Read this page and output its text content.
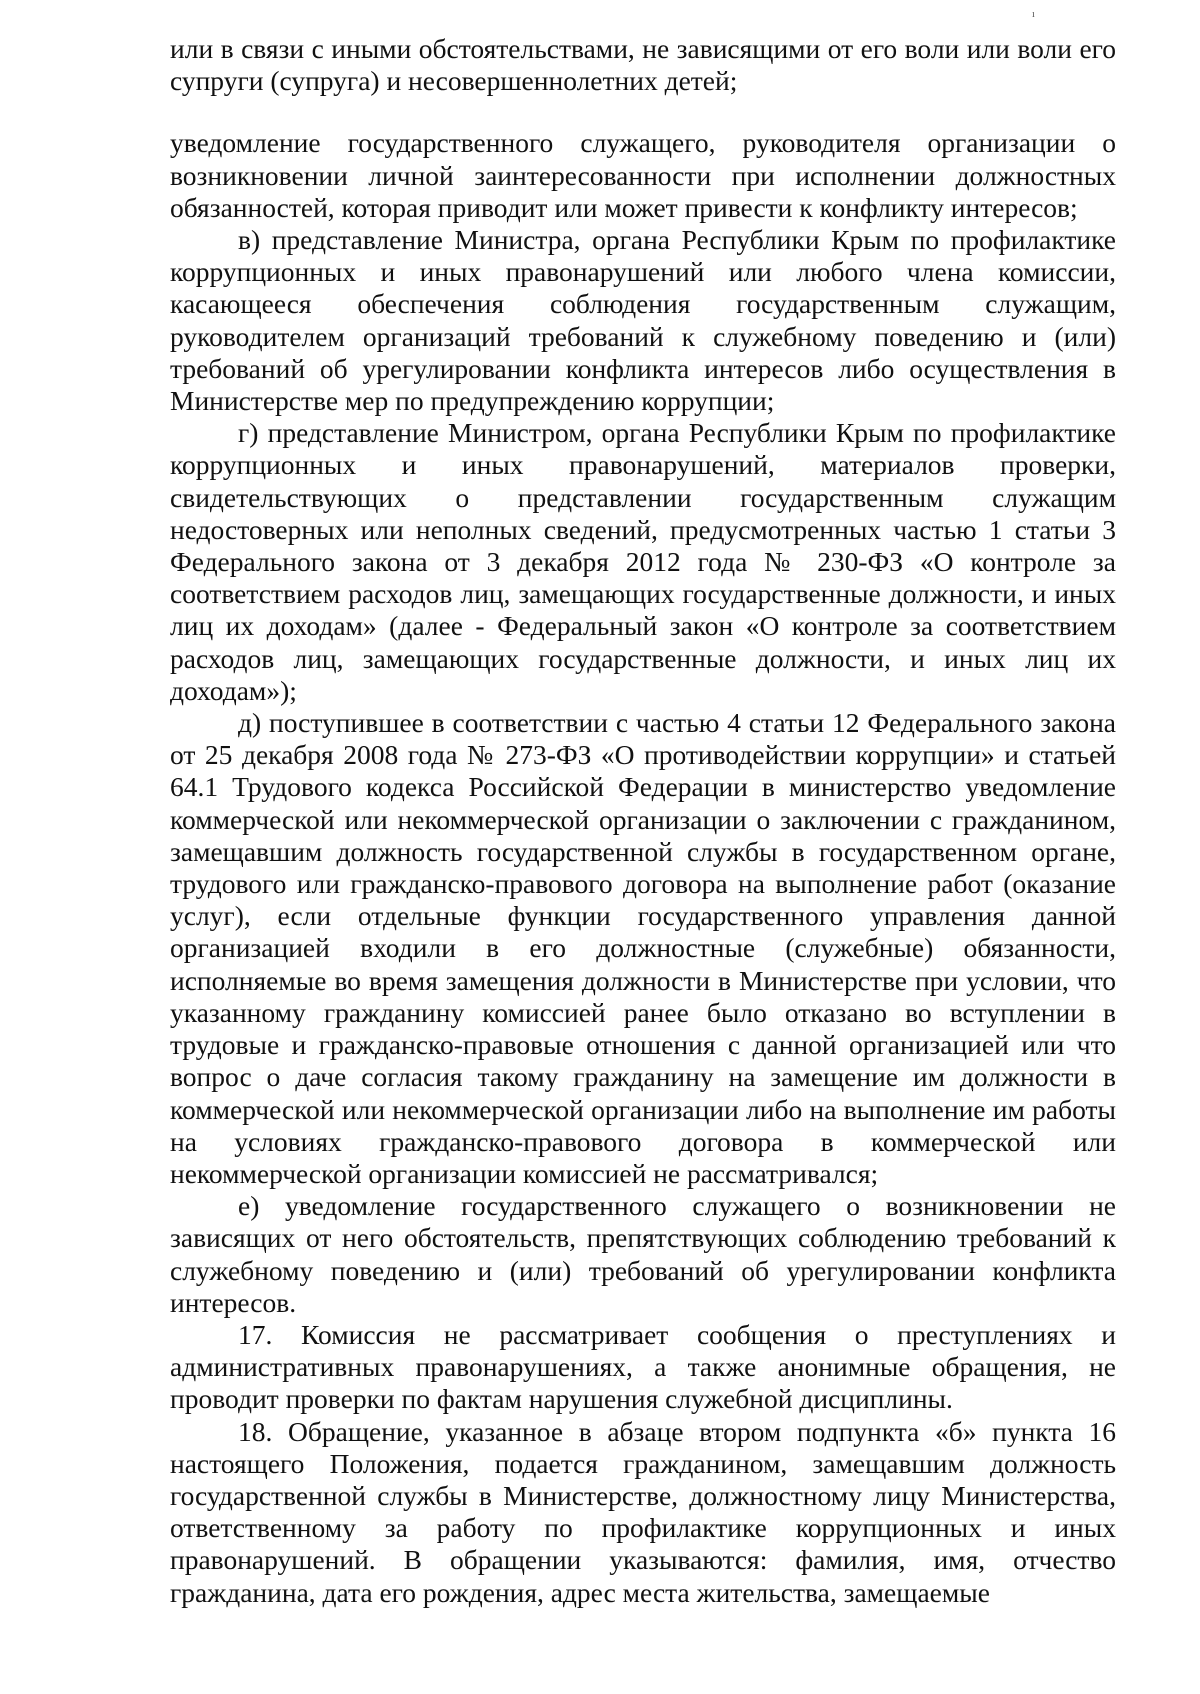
ı

или в связи с иными обстоятельствами, не зависящими от его воли или воли его супруги (супруга) и несовершеннолетних детей;

уведомление государственного служащего, руководителя организации о возникновении личной заинтересованности при исполнении должностных обязанностей, которая приводит или может привести к конфликту интересов;

в) представление Министра, органа Республики Крым по профилактике коррупционных и иных правонарушений или любого члена комиссии, касающееся обеспечения соблюдения государственным служащим, руководителем организаций требований к служебному поведению и (или) требований об урегулировании конфликта интересов либо осуществления в Министерстве мер по предупреждению коррупции;

г) представление Министром, органа Республики Крым по профилактике коррупционных и иных правонарушений, материалов проверки, свидетельствующих о представлении государственным служащим недостоверных или неполных сведений, предусмотренных частью 1 статьи 3 Федерального закона от 3 декабря 2012 года № 230-ФЗ «О контроле за соответствием расходов лиц, замещающих государственные должности, и иных лиц их доходам» (далее - Федеральный закон «О контроле за соответствием расходов лиц, замещающих государственные должности, и иных лиц их доходам»);

д) поступившее в соответствии с частью 4 статьи 12 Федерального закона от 25 декабря 2008 года № 273-ФЗ «О противодействии коррупции» и статьей 64.1 Трудового кодекса Российской Федерации в министерство уведомление коммерческой или некоммерческой организации о заключении с гражданином, замещавшим должность государственной службы в государственном органе, трудового или гражданско-правового договора на выполнение работ (оказание услуг), если отдельные функции государственного управления данной организацией входили в его должностные (служебные) обязанности, исполняемые во время замещения должности в Министерстве при условии, что указанному гражданину комиссией ранее было отказано во вступлении в трудовые и гражданско-правовые отношения с данной организацией или что вопрос о даче согласия такому гражданину на замещение им должности в коммерческой или некоммерческой организации либо на выполнение им работы на условиях гражданско-правового договора в коммерческой или некоммерческой организации комиссией не рассматривался;

е) уведомление государственного служащего о возникновении не зависящих от него обстоятельств, препятствующих соблюдению требований к служебному поведению и (или) требований об урегулировании конфликта интересов.

17. Комиссия не рассматривает сообщения о преступлениях и административных правонарушениях, а также анонимные обращения, не проводит проверки по фактам нарушения служебной дисциплины.

18. Обращение, указанное в абзаце втором подпункта «б» пункта 16 настоящего Положения, подается гражданином, замещавшим должность государственной службы в Министерстве, должностному лицу Министерства, ответственному за работу по профилактике коррупционных и иных правонарушений. В обращении указываются: фамилия, имя, отчество гражданина, дата его рождения, адрес места жительства, замещаемые
